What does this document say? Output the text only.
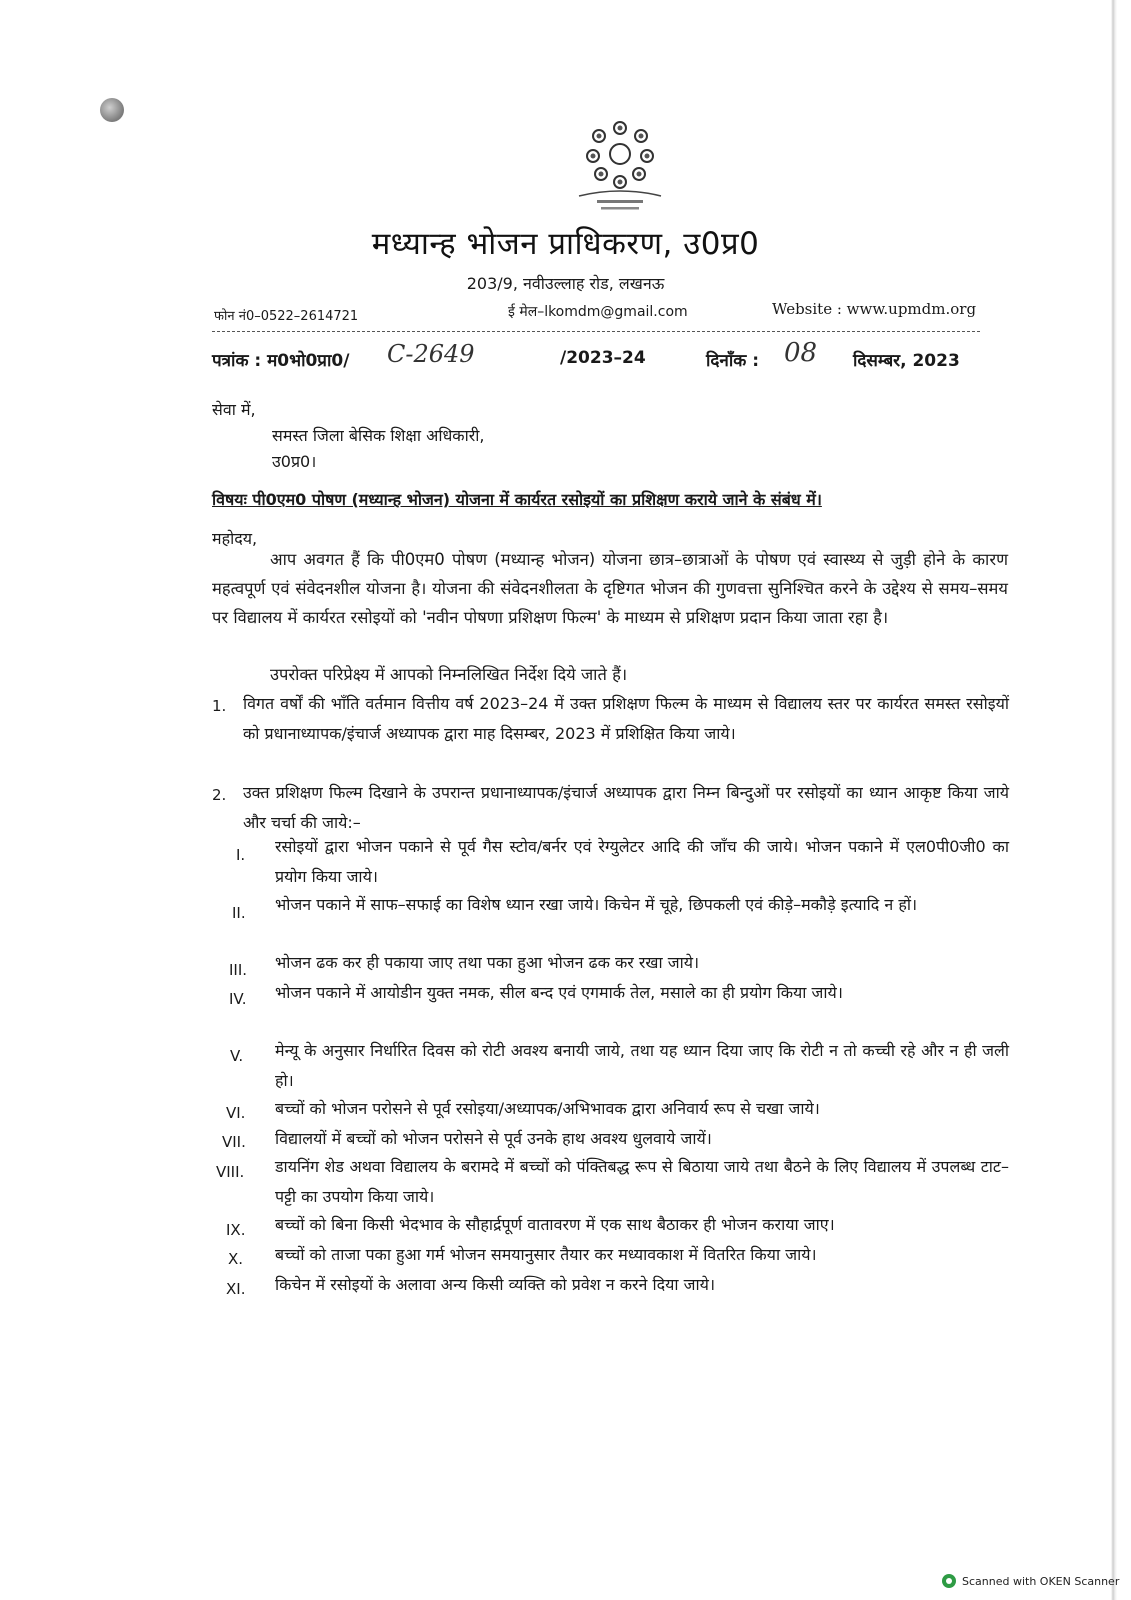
मध्यान्ह भोजन प्राधिकरण, उ0प्र0
203/9, नवीउल्लाह रोड, लखनऊ
फोन नं0–0522–2614721	ई मेल–lkomdm@gmail.com	Website : www.upmdm.org
पत्रांक : म0भो0प्रा0/ C-2649	/2023–24	दिनाँक : 08 दिसम्बर, 2023
सेवा में,
समस्त जिला बेसिक शिक्षा अधिकारी,
उ0प्र0।
विषयः पी0एम0 पोषण (मध्यान्ह भोजन) योजना में कार्यरत रसोइयों का प्रशिक्षण कराये जाने के संबंध में।
महोदय,
आप अवगत हैं कि पी0एम0 पोषण (मध्यान्ह भोजन) योजना छात्र–छात्राओं के पोषण एवं स्वास्थ्य से जुड़ी होने के कारण महत्वपूर्ण एवं संवेदनशील योजना है। योजना की संवेदनशीलता के दृष्टिगत भोजन की गुणवत्ता सुनिश्चित करने के उद्देश्य से समय–समय पर विद्यालय में कार्यरत रसोइयों को 'नवीन पोषणा प्रशिक्षण फिल्म' के माध्यम से प्रशिक्षण प्रदान किया जाता रहा है।
उपरोक्त परिप्रेक्ष्य में आपको निम्नलिखित निर्देश दिये जाते हैं।
1. विगत वर्षों की भाँति वर्तमान वित्तीय वर्ष 2023–24 में उक्त प्रशिक्षण फिल्म के माध्यम से विद्यालय स्तर पर कार्यरत समस्त रसोइयों को प्रधानाध्यापक/इंचार्ज अध्यापक द्वारा माह दिसम्बर, 2023 में प्रशिक्षित किया जाये।
2. उक्त प्रशिक्षण फिल्म दिखाने के उपरान्त प्रधानाध्यापक/इंचार्ज अध्यापक द्वारा निम्न बिन्दुओं पर रसोइयों का ध्यान आकृष्ट किया जाये और चर्चा की जाये:–
I. रसोइयों द्वारा भोजन पकाने से पूर्व गैस स्टोव/बर्नर एवं रेग्युलेटर आदि की जाँच की जाये। भोजन पकाने में एल0पी0जी0 का प्रयोग किया जाये।
II. भोजन पकाने में साफ–सफाई का विशेष ध्यान रखा जाये। किचेन में चूहे, छिपकली एवं कीड़े–मकौड़े इत्यादि न हों।
III. भोजन ढक कर ही पकाया जाए तथा पका हुआ भोजन ढक कर रखा जाये।
IV. भोजन पकाने में आयोडीन युक्त नमक, सील बन्द एवं एगमार्क तेल, मसाले का ही प्रयोग किया जाये।
V. मेन्यू के अनुसार निर्धारित दिवस को रोटी अवश्य बनायी जाये, तथा यह ध्यान दिया जाए कि रोटी न तो कच्ची रहे और न ही जली हो।
VI. बच्चों को भोजन परोसने से पूर्व रसोइया/अध्यापक/अभिभावक द्वारा अनिवार्य रूप से चखा जाये।
VII. विद्यालयों में बच्चों को भोजन परोसने से पूर्व उनके हाथ अवश्य धुलवाये जायें।
VIII. डायनिंग शेड अथवा विद्यालय के बरामदे में बच्चों को पंक्तिबद्ध रूप से बिठाया जाये तथा बैठने के लिए विद्यालय में उपलब्ध टाट–पट्टी का उपयोग किया जाये।
IX. बच्चों को बिना किसी भेदभाव के सौहार्द्रपूर्ण वातावरण में एक साथ बैठाकर ही भोजन कराया जाए।
X. बच्चों को ताजा पका हुआ गर्म भोजन समयानुसार तैयार कर मध्यावकाश में वितरित किया जाये।
XI. किचेन में रसोइयों के अलावा अन्य किसी व्यक्ति को प्रवेश न करने दिया जाये।
Scanned with OKEN Scanner
